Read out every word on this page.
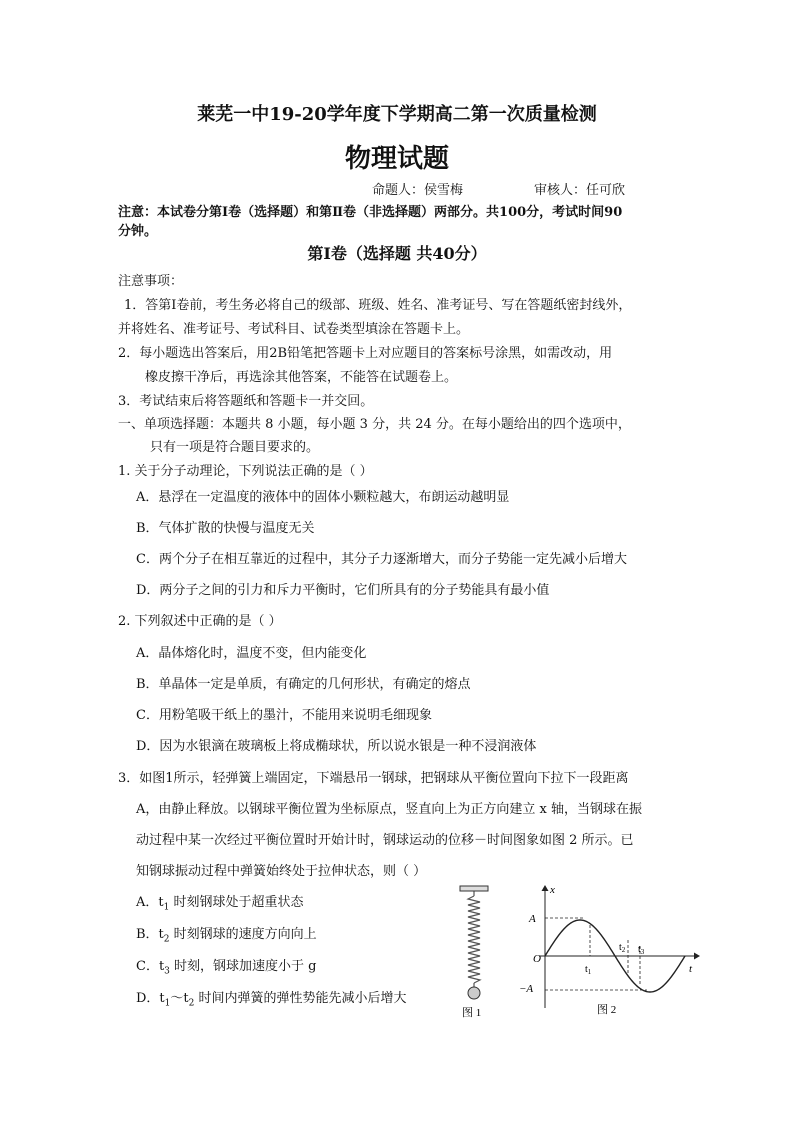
莱芜一中19-20学年度下学期高二第一次质量检测
物理试题
命题人：侯雪梅	审核人：任可欣
注意：本试卷分第Ⅰ卷（选择题）和第Ⅱ卷（非选择题）两部分。共100分，考试时间90
分钟。
第Ⅰ卷（选择题 共40分）
注意事项：
1．答第Ⅰ卷前，考生务必将自己的级部、班级、姓名、准考证号、写在答题纸密封线外，
并将姓名、准考证号、考试科目、试卷类型填涂在答题卡上。
2．每小题选出答案后，用2B铅笔把答题卡上对应题目的答案标号涂黑，如需改动，用
橡皮擦干净后，再选涂其他答案，不能答在试题卷上。
3．考试结束后将答题纸和答题卡一并交回。
一、单项选择题：本题共 8 小题，每小题 3 分，共 24 分。在每小题给出的四个选项中，
只有一项是符合题目要求的。
1. 关于分子动理论，下列说法正确的是（ ）
A．悬浮在一定温度的液体中的固体小颗粒越大，布朗运动越明显
B．气体扩散的快慢与温度无关
C．两个分子在相互靠近的过程中，其分子力逐渐增大，而分子势能一定先减小后增大
D．两分子之间的引力和斥力平衡时，它们所具有的分子势能具有最小值
2. 下列叙述中正确的是（ ）
A．晶体熔化时，温度不变，但内能变化
B．单晶体一定是单质，有确定的几何形状，有确定的熔点
C．用粉笔吸干纸上的墨汁，不能用来说明毛细现象
D．因为水银滴在玻璃板上将成椭球状，所以说水银是一种不浸润液体
3．如图1所示，轻弹簧上端固定，下端悬吊一钢球，把钢球从平衡位置向下拉下一段距离
A，由静止释放。以钢球平衡位置为坐标原点，竖直向上为正方向建立 x 轴，当钢球在振
动过程中某一次经过平衡位置时开始计时，钢球运动的位移－时间图象如图 2 所示。已
知钢球振动过程中弹簧始终处于拉伸状态，则（ ）
A．$t_1$ 时刻钢球处于超重状态
B．$t_2$ 时刻钢球的速度方向向上
C．$t_3$ 时刻，钢球加速度小于 g
D．$t_1\sim t_2$ 时间内弹簧的弹性势能先减小后增大
图 1
x
t
O
A
−A
$t_1$
$t_2$ $t_3$
图 2
